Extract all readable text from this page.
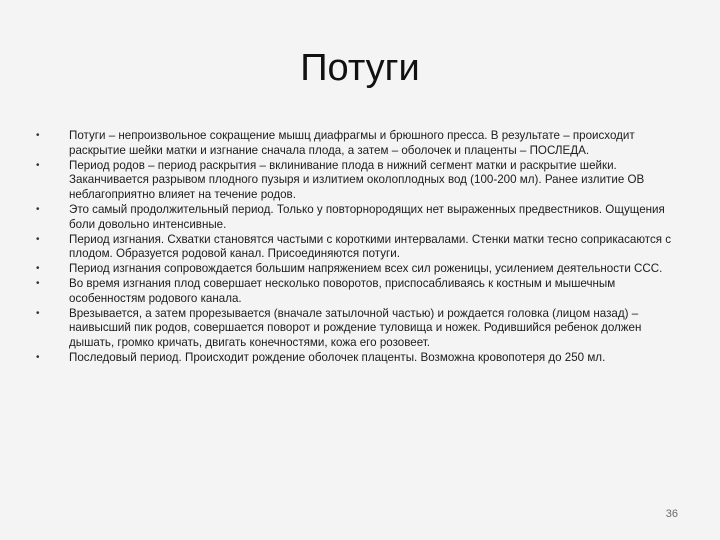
Потуги
•	Потуги – непроизвольное сокращение мышц диафрагмы и брюшного пресса. В результате – происходит раскрытие шейки матки и изгнание сначала плода, а затем – оболочек и плаценты – ПОСЛЕДА.
•	Период родов – период раскрытия – вклинивание плода в нижний сегмент матки и раскрытие шейки. Заканчивается разрывом плодного пузыря и излитием околоплодных вод (100-200 мл). Ранее излитие ОВ неблагоприятно влияет на течение родов.
•	Это самый продолжительный период. Только у повторнородящих нет выраженных предвестников. Ощущения боли довольно интенсивные.
•	Период изгнания. Схватки становятся частыми с короткими интервалами. Стенки матки тесно соприкасаются с плодом. Образуется родовой канал. Присоединяются потуги.
•	Период изгнания сопровождается большим напряжением всех сил роженицы, усилением деятельности ССС.
•	Во время изгнания плод совершает несколько поворотов, приспосабливаясь к костным и мышечным особенностям родового канала.
•	Врезывается, а затем прорезывается (вначале затылочной частью) и рождается головка (лицом назад) – наивысший пик родов, совершается поворот и рождение туловища и ножек. Родившийся ребенок должен дышать, громко кричать, двигать конечностями, кожа его розовеет.
•	Последовый период. Происходит рождение оболочек плаценты. Возможна кровопотеря до 250 мл.
36
